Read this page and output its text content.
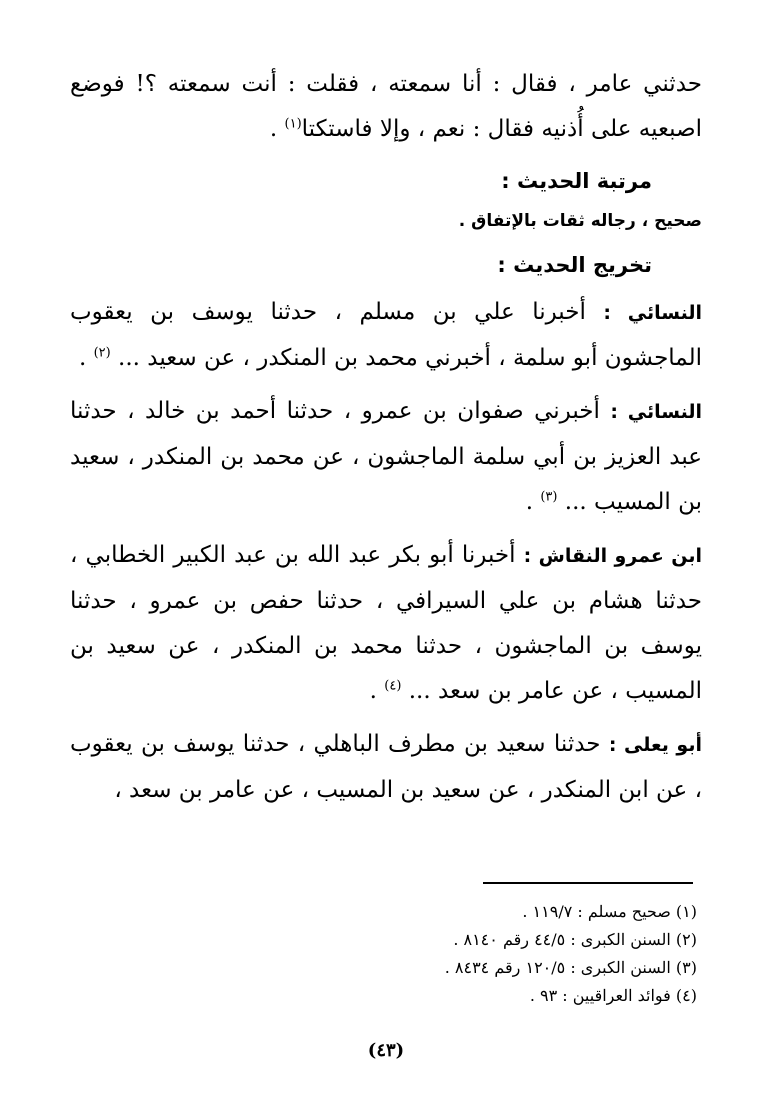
حدثني عامر ، فقال : أنا سمعته ، فقلت : أنت سمعته ؟! فوضع اصبعيه على أُذنيه فقال : نعم ، وإلا فاستكتا$^{(١)}$ .

مرتبة الحديث :
صحيح ، رجاله ثقات بالإتفاق .
تخريج الحديث :

النسائي : أخبرنا علي بن مسلم ، حدثنا يوسف بن يعقوب الماجشون أبو سلمة ، أخبرني محمد بن المنكدر ، عن سعيد ... $^{(٢)}$ .

النسائي : أخبرني صفوان بن عمرو ، حدثنا أحمد بن خالد ، حدثنا عبد العزيز بن أبي سلمة الماجشون ، عن محمد بن المنكدر ، سعيد بن المسيب ... $^{(٣)}$ .

ابن عمرو النقاش : أخبرنا أبو بكر عبد الله بن عبد الكبير الخطابي ، حدثنا هشام بن علي السيرافي ، حدثنا حفص بن عمرو ، حدثنا يوسف بن الماجشون ، حدثنا محمد بن المنكدر ، عن سعيد بن المسيب ، عن عامر بن سعد ... $^{(٤)}$ .

أبو يعلى : حدثنا سعيد بن مطرف الباهلي ، حدثنا يوسف بن يعقوب ، عن ابن المنكدر ، عن سعيد بن المسيب ، عن عامر بن سعد ،

(١) صحيح مسلم : ١١٩/٧ .
(٢) السنن الكبرى : ٤٤/٥ رقم ٨١٤٠ .
(٣) السنن الكبرى : ١٢٠/٥ رقم ٨٤٣٤ .
(٤) فوائد العراقيين : ٩٣ .
(٤٣)
